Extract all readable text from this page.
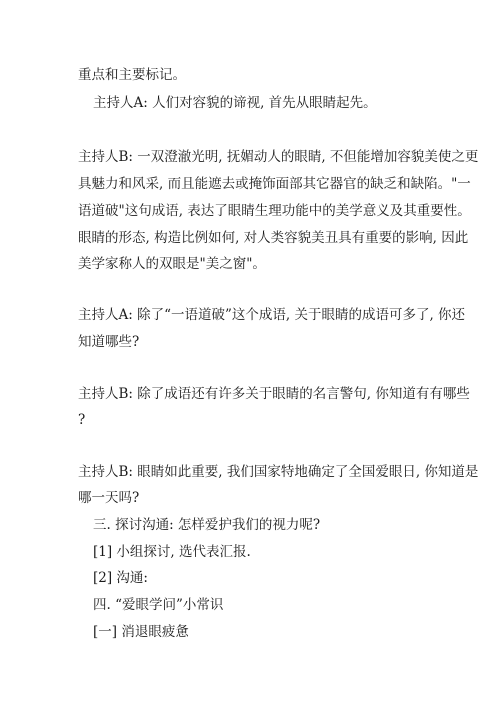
重点和主要标记。
主持人A: 人们对容貌的谛视, 首先从眼睛起先。
主持人B: 一双澄澈光明, 抚媚动人的眼睛, 不但能增加容貌美使之更
具魅力和风采, 而且能遮去或掩饰面部其它器官的缺乏和缺陷。"一
语道破"这句成语, 表达了眼睛生理功能中的美学意义及其重要性。
眼睛的形态, 构造比例如何, 对人类容貌美丑具有重要的影响, 因此
美学家称人的双眼是"美之窗"。
主持人A: 除了“一语道破”这个成语, 关于眼睛的成语可多了, 你还
知道哪些?
主持人B: 除了成语还有许多关于眼睛的名言警句, 你知道有有哪些
?
主持人B: 眼睛如此重要, 我们国家特地确定了全国爱眼日, 你知道是
哪一天吗?
三. 探讨沟通: 怎样爱护我们的视力呢?
[1] 小组探讨, 选代表汇报.
[2] 沟通:
四. “爱眼学问”小常识
[一] 消退眼疲惫
